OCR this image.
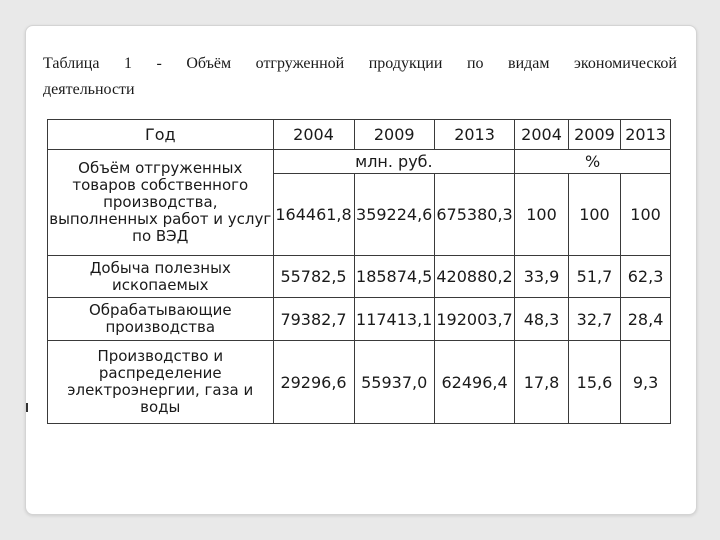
Таблица 1 - Объём отгруженной продукции по видам экономической
деятельности
Год	2004	2009	2013	2004	2009	2013
Объём отгруженных товаров собственного производства, выполненных работ и услуг по ВЭД	млн. руб.			%		
	164461,8	359224,6	675380,3	100	100	100
Добыча полезных ископаемых	55782,5	185874,5	420880,2	33,9	51,7	62,3
Обрабатывающие производства	79382,7	117413,1	192003,7	48,3	32,7	28,4
Производство и распределение электроэнергии, газа и воды	29296,6	55937,0	62496,4	17,8	15,6	9,3
